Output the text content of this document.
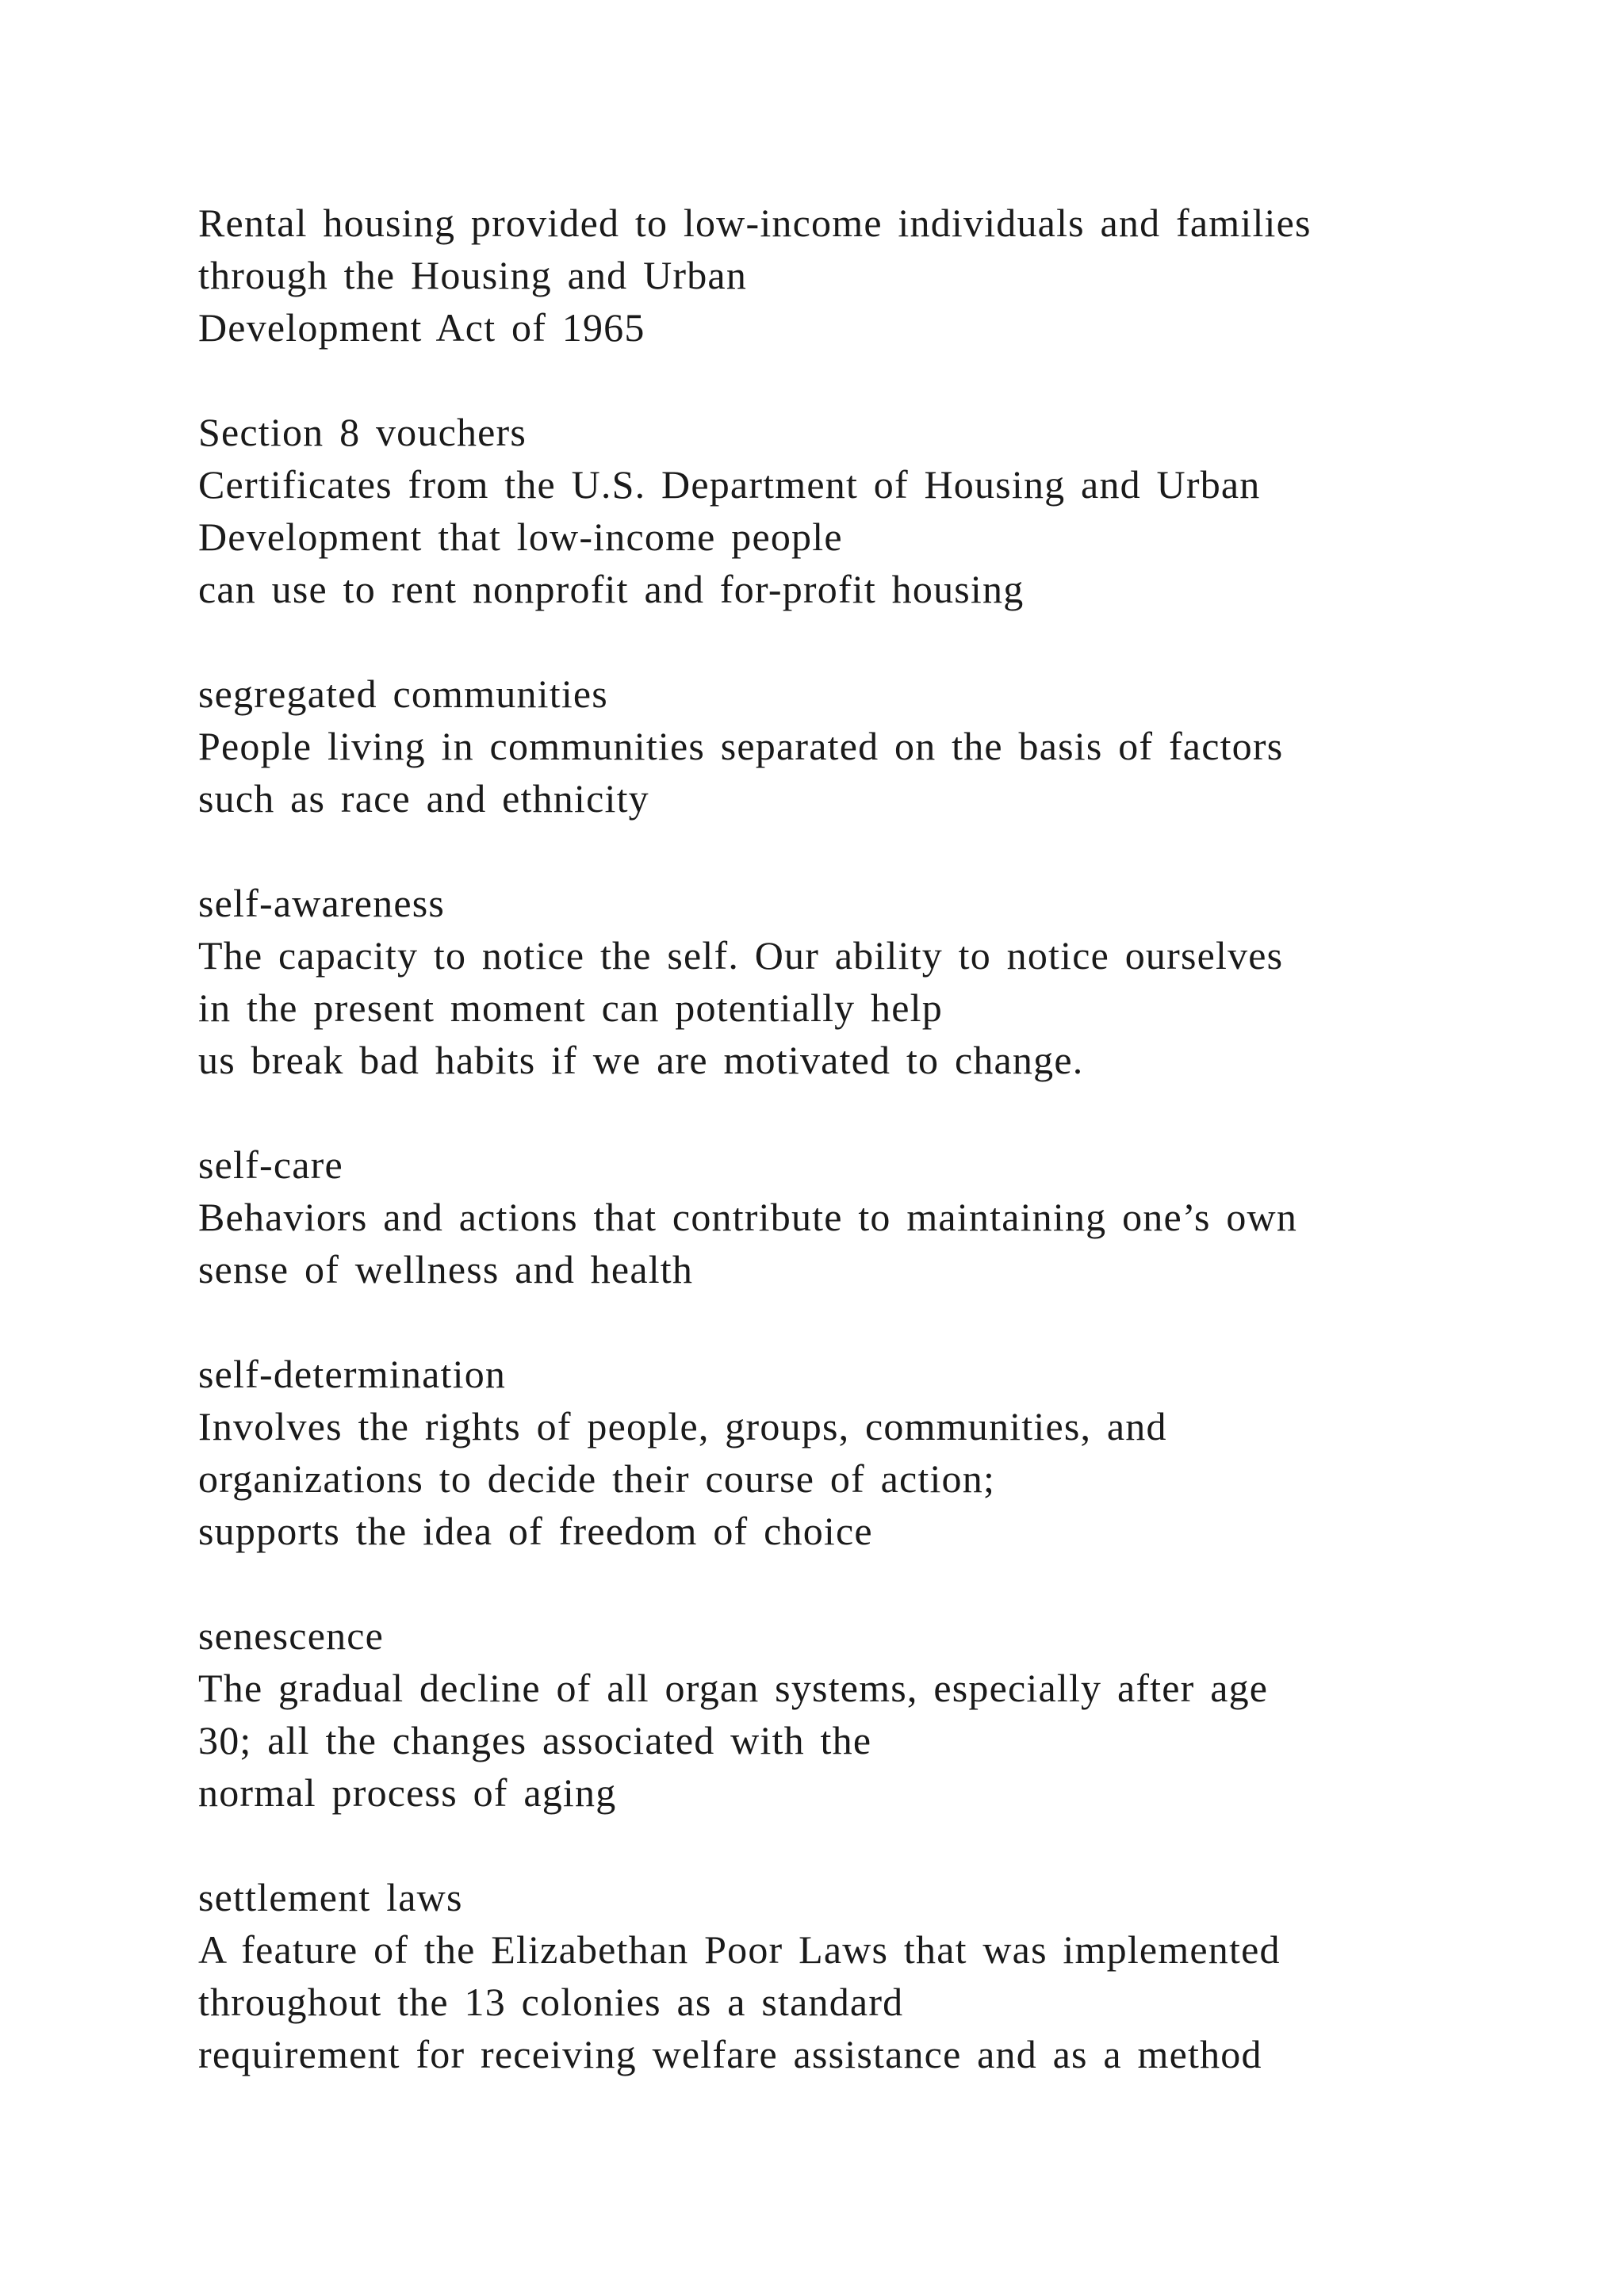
Rental housing provided to low-income individuals and families
through the Housing and Urban
Development Act of 1965
Section 8 vouchers
Certificates from the U.S. Department of Housing and Urban
Development that low-income people
can use to rent nonprofit and for-profit housing
segregated communities
People living in communities separated on the basis of factors
such as race and ethnicity
self-awareness
The capacity to notice the self. Our ability to notice ourselves
in the present moment can potentially help
us break bad habits if we are motivated to change.
self-care
Behaviors and actions that contribute to maintaining one’s own
sense of wellness and health
self-determination
Involves the rights of people, groups, communities, and
organizations to decide their course of action;
supports the idea of freedom of choice
senescence
The gradual decline of all organ systems, especially after age
30; all the changes associated with the
normal process of aging
settlement laws
A feature of the Elizabethan Poor Laws that was implemented
throughout the 13 colonies as a standard
requirement for receiving welfare assistance and as a method
